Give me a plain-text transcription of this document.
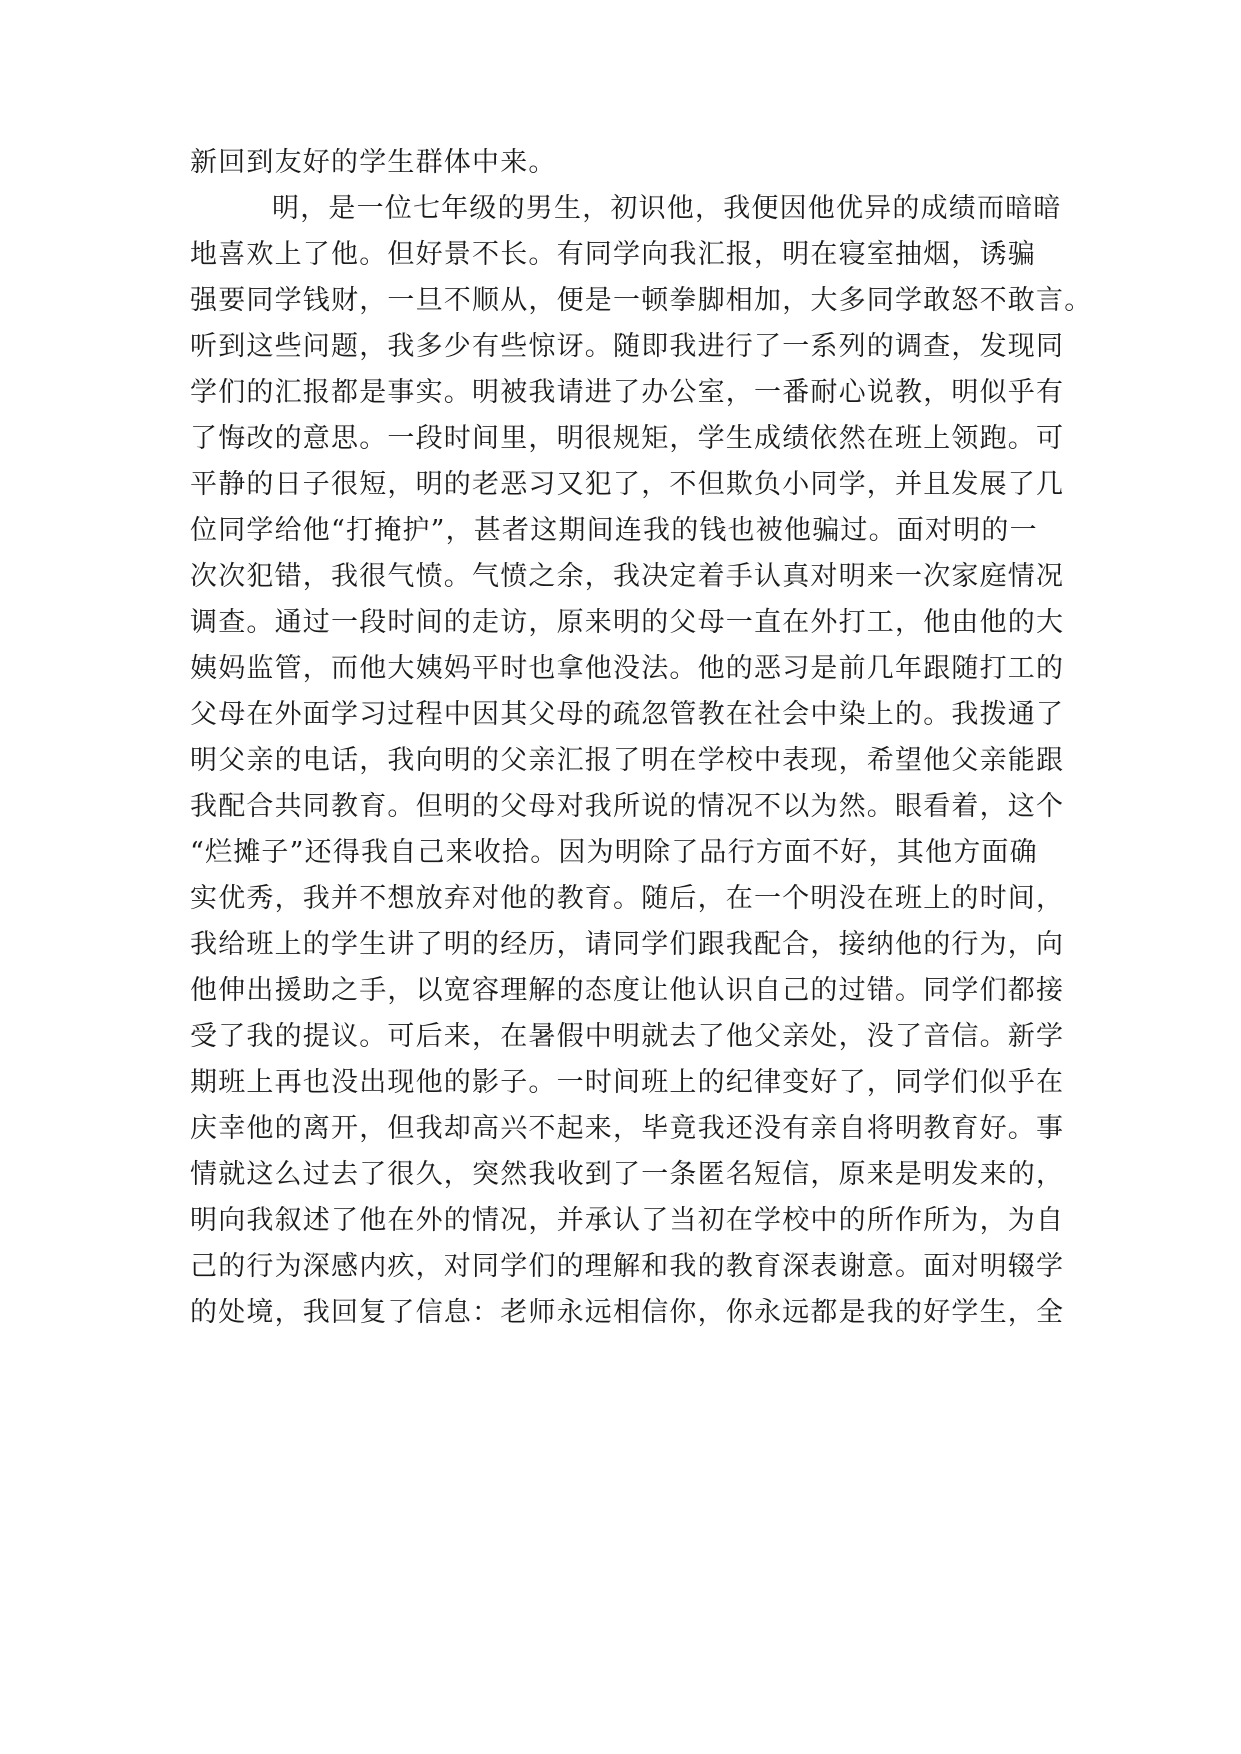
新回到友好的学生群体中来。
明，是一位七年级的男生，初识他，我便因他优异的成绩而暗暗
地喜欢上了他。但好景不长。有同学向我汇报，明在寝室抽烟，诱骗
强要同学钱财，一旦不顺从，便是一顿拳脚相加，大多同学敢怒不敢言。
听到这些问题，我多少有些惊讶。随即我进行了一系列的调查，发现同
学们的汇报都是事实。明被我请进了办公室，一番耐心说教，明似乎有
了悔改的意思。一段时间里，明很规矩，学生成绩依然在班上领跑。可
平静的日子很短，明的老恶习又犯了，不但欺负小同学，并且发展了几
位同学给他“打掩护”，甚者这期间连我的钱也被他骗过。面对明的一
次次犯错，我很气愤。气愤之余，我决定着手认真对明来一次家庭情况
调查。通过一段时间的走访，原来明的父母一直在外打工，他由他的大
姨妈监管，而他大姨妈平时也拿他没法。他的恶习是前几年跟随打工的
父母在外面学习过程中因其父母的疏忽管教在社会中染上的。我拨通了
明父亲的电话，我向明的父亲汇报了明在学校中表现，希望他父亲能跟
我配合共同教育。但明的父母对我所说的情况不以为然。眼看着，这个
“烂摊子”还得我自己来收拾。因为明除了品行方面不好，其他方面确
实优秀，我并不想放弃对他的教育。随后，在一个明没在班上的时间，
我给班上的学生讲了明的经历，请同学们跟我配合，接纳他的行为，向
他伸出援助之手，以宽容理解的态度让他认识自己的过错。同学们都接
受了我的提议。可后来，在暑假中明就去了他父亲处，没了音信。新学
期班上再也没出现他的影子。一时间班上的纪律变好了，同学们似乎在
庆幸他的离开，但我却高兴不起来，毕竟我还没有亲自将明教育好。事
情就这么过去了很久，突然我收到了一条匿名短信，原来是明发来的，
明向我叙述了他在外的情况，并承认了当初在学校中的所作所为，为自
己的行为深感内疚，对同学们的理解和我的教育深表谢意。面对明辍学
的处境，我回复了信息：老师永远相信你，你永远都是我的好学生，全
